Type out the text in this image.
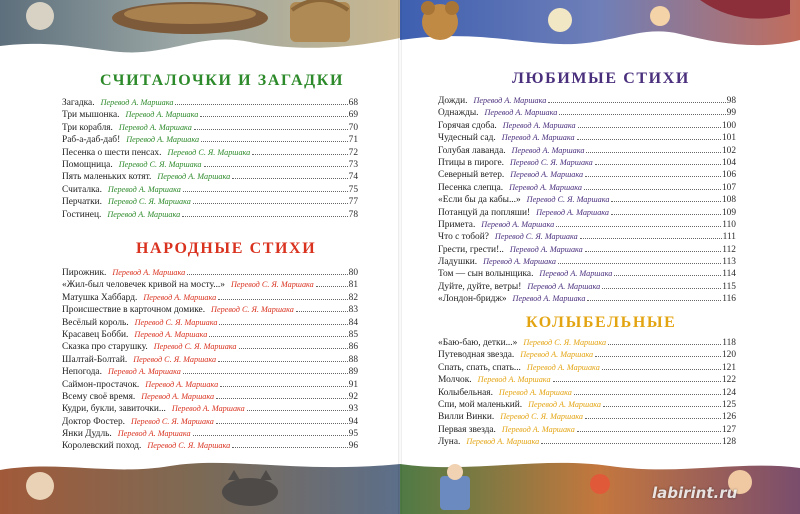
СЧИТАЛОЧКИ И ЗАГАДКИ
Загадка. Перевод А. Маршака	68
Три мышонка. Перевод А. Маршака	69
Три корабля. Перевод А. Маршака	70
Раб-а-даб-даб! Перевод А. Маршака	71
Песенка о шести пенсах. Перевод С. Я. Маршака	72
Помощница. Перевод С. Я. Маршака	73
Пять маленьких котят. Перевод А. Маршака	74
Считалка. Перевод А. Маршака	75
Перчатки. Перевод С. Я. Маршака	77
Гостинец. Перевод А. Маршака	78
НАРОДНЫЕ СТИХИ
Пирожник. Перевод А. Маршака	80
«Жил-был человечек кривой на мосту...» Перевод С. Я. Маршака	81
Матушка Хаббард. Перевод А. Маршака	82
Происшествие в карточном домике. Перевод С. Я. Маршака	83
Весёлый король. Перевод С. Я. Маршака	84
Красавец Бобби. Перевод А. Маршака	85
Сказка про старушку. Перевод С. Я. Маршака	86
Шалтай-Болтай. Перевод С. Я. Маршака	88
Непогода. Перевод А. Маршака	89
Саймон-простачок. Перевод А. Маршака	91
Всему своё время. Перевод А. Маршака	92
Кудри, букли, завиточки... Перевод А. Маршака	93
Доктор Фостер. Перевод С. Я. Маршака	94
Янки Дудль. Перевод А. Маршака	95
Королевский поход. Перевод С. Я. Маршака	96
ЛЮБИМЫЕ СТИХИ
Дожди. Перевод А. Маршака	98
Однажды. Перевод А. Маршака	99
Горячая сдоба. Перевод А. Маршака	100
Чудесный сад. Перевод А. Маршака	101
Голубая лаванда. Перевод А. Маршака	102
Птицы в пироге. Перевод С. Я. Маршака	104
Северный ветер. Перевод А. Маршака	106
Песенка слепца. Перевод А. Маршака	107
«Если бы да кабы...» Перевод С. Я. Маршака	108
Потанцуй да попляши! Перевод А. Маршака	109
Примета. Перевод А. Маршака	110
Что с тобой? Перевод С. Я. Маршака	111
Грести, грести!.. Перевод А. Маршака	112
Ладушки. Перевод А. Маршака	113
Том — сын волынщика. Перевод А. Маршака	114
Дуйте, дуйте, ветры! Перевод А. Маршака	115
«Лондон-бридж» Перевод А. Маршака	116
КОЛЫБЕЛЬНЫЕ
«Баю-баю, детки...» Перевод С. Я. Маршака	118
Путеводная звезда. Перевод А. Маршака	120
Спать, спать, спать... Перевод А. Маршака	121
Молчок. Перевод А. Маршака	122
Колыбельная. Перевод А. Маршака	124
Спи, мой маленький. Перевод А. Маршака	125
Вилли Винки. Перевод С. Я. Маршака	126
Первая звезда. Перевод А. Маршака	127
Луна. Перевод А. Маршака	128
labirint.ru
